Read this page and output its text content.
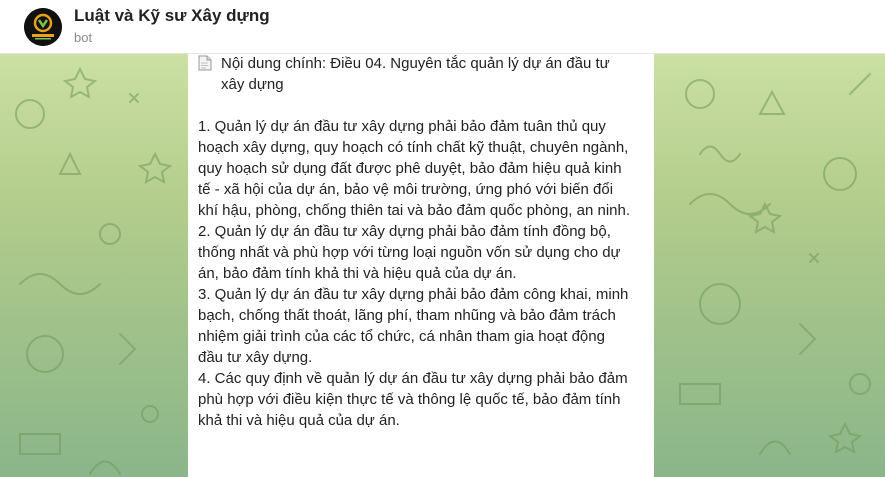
Luật và Kỹ sư Xây dựng
bot
Nội dung chính: Điều 04. Nguyên tắc quản lý dự án đầu tư xây dựng

1. Quản lý dự án đầu tư xây dựng phải bảo đảm tuân thủ quy hoạch xây dựng, quy hoạch có tính chất kỹ thuật, chuyên ngành, quy hoạch sử dụng đất được phê duyệt, bảo đảm hiệu quả kinh tế - xã hội của dự án, bảo vệ môi trường, ứng phó với biến đổi khí hậu, phòng, chống thiên tai và bảo đảm quốc phòng, an ninh.

2. Quản lý dự án đầu tư xây dựng phải bảo đảm tính đồng bộ, thống nhất và phù hợp với từng loại nguồn vốn sử dụng cho dự án, bảo đảm tính khả thi và hiệu quả của dự án.

3. Quản lý dự án đầu tư xây dựng phải bảo đảm công khai, minh bạch, chống thất thoát, lãng phí, tham nhũng và bảo đảm trách nhiệm giải trình của các tổ chức, cá nhân tham gia hoạt động đầu tư xây dựng.

4. Các quy định về quản lý dự án đầu tư xây dựng phải bảo đảm phù hợp với điều kiện thực tế và thông lệ quốc tế, bảo đảm tính khả thi và hiệu quả của dự án.
